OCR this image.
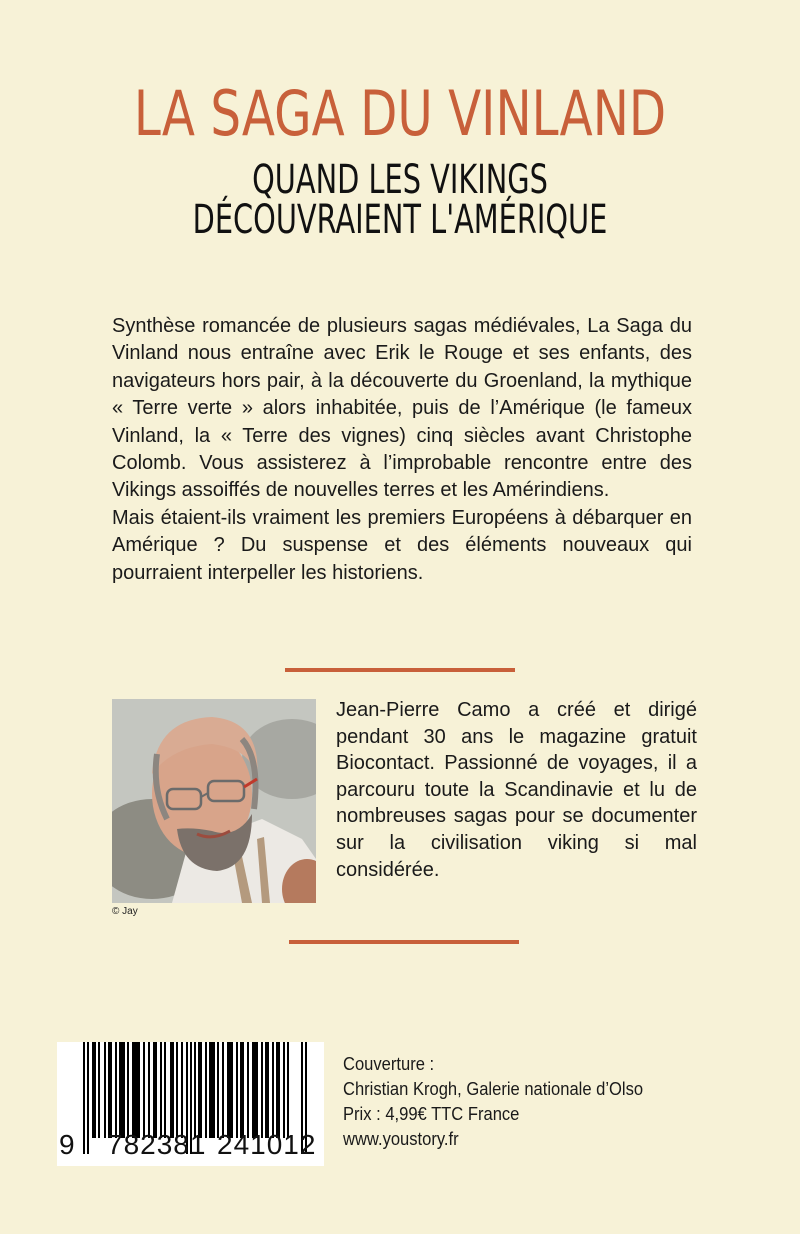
LA SAGA DU VINLAND
QUAND LES VIKINGS
DÉCOUVRAIENT L'AMÉRIQUE

Synthèse romancée de plusieurs sagas médiévales, La Saga du Vinland nous entraîne avec Erik le Rouge et ses enfants, des navigateurs hors pair, à la découverte du Groenland, la mythique « Terre verte » alors inhabitée, puis de l’Amérique (le fameux Vinland, la « Terre des vignes) cinq siècles avant Christophe Colomb. Vous assisterez à l’improbable rencontre entre des Vikings assoiffés de nouvelles terres et les Amérindiens.

Mais étaient-ils vraiment les premiers Européens à débarquer en Amérique ? Du suspense et des éléments nouveaux qui pourraient interpeller les historiens.

© Jay
Jean-Pierre Camo a créé et dirigé pendant 30 ans le magazine gratuit Biocontact. Passionné de voyages, il a parcouru toute la Scandinavie et lu de nombreuses sagas pour se documenter sur la civilisation viking si mal considérée.
9 782381 241012
Couverture :
Christian Krogh, Galerie nationale d’Olso
Prix : 4,99€ TTC France
www.youstory.fr
